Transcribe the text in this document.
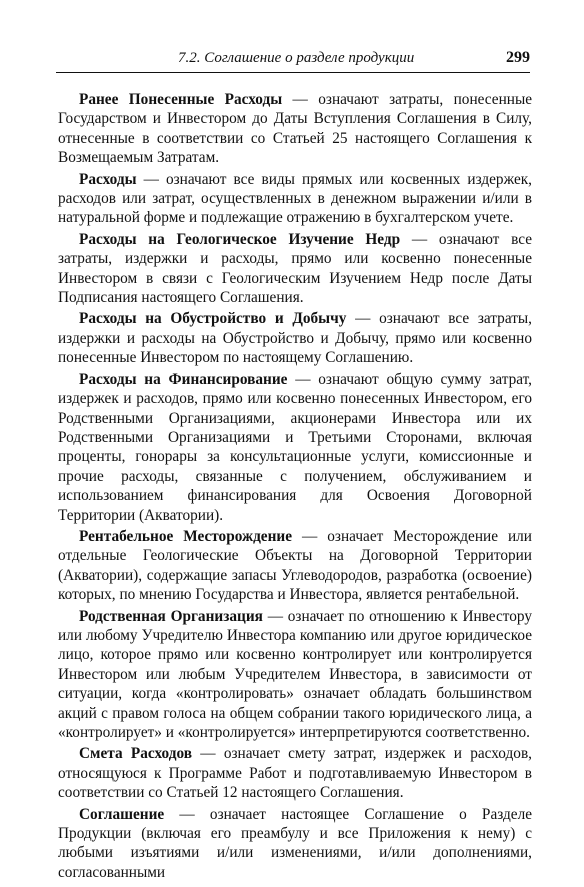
7.2. Соглашение о разделе продукции	299

Ранее Понесенные Расходы — означают затраты, понесенные Государством и Инвестором до Даты Вступления Соглашения в Силу, отнесенные в соответствии со Статьей 25 настоящего Соглашения к Возмещаемым Затратам.

Расходы — означают все виды прямых или косвенных издержек, расходов или затрат, осуществленных в денежном выражении и/или в натуральной форме и подлежащие отражению в бухгалтерском учете.

Расходы на Геологическое Изучение Недр — означают все затраты, издержки и расходы, прямо или косвенно понесенные Инвестором в связи с Геологическим Изучением Недр после Даты Подписания настоящего Соглашения.

Расходы на Обустройство и Добычу — означают все затраты, издержки и расходы на Обустройство и Добычу, прямо или косвенно понесенные Инвестором по настоящему Соглашению.

Расходы на Финансирование — означают общую сумму затрат, издержек и расходов, прямо или косвенно понесенных Инвестором, его Родственными Организациями, акционерами Инвестора или их Родственными Организациями и Третьими Сторонами, включая проценты, гонорары за консультационные услуги, комиссионные и прочие расходы, связанные с получением, обслуживанием и использованием финансирования для Освоения Договорной Территории (Акватории).

Рентабельное Месторождение — означает Месторождение или отдельные Геологические Объекты на Договорной Территории (Акватории), содержащие запасы Углеводородов, разработка (освоение) которых, по мнению Государства и Инвестора, является рентабельной.

Родственная Организация — означает по отношению к Инвестору или любому Учредителю Инвестора компанию или другое юридическое лицо, которое прямо или косвенно контролирует или контролируется Инвестором или любым Учредителем Инвестора, в зависимости от ситуации, когда «контролировать» означает обладать большинством акций с правом голоса на общем собрании такого юридического лица, а «контролирует» и «контролируется» интерпретируются соответственно.

Смета Расходов — означает смету затрат, издержек и расходов, относящуюся к Программе Работ и подготавливаемую Инвестором в соответствии со Статьей 12 настоящего Соглашения.

Соглашение — означает настоящее Соглашение о Разделе Продукции (включая его преамбулу и все Приложения к нему) с любыми изъятиями и/или изменениями, и/или дополнениями, согласованными
